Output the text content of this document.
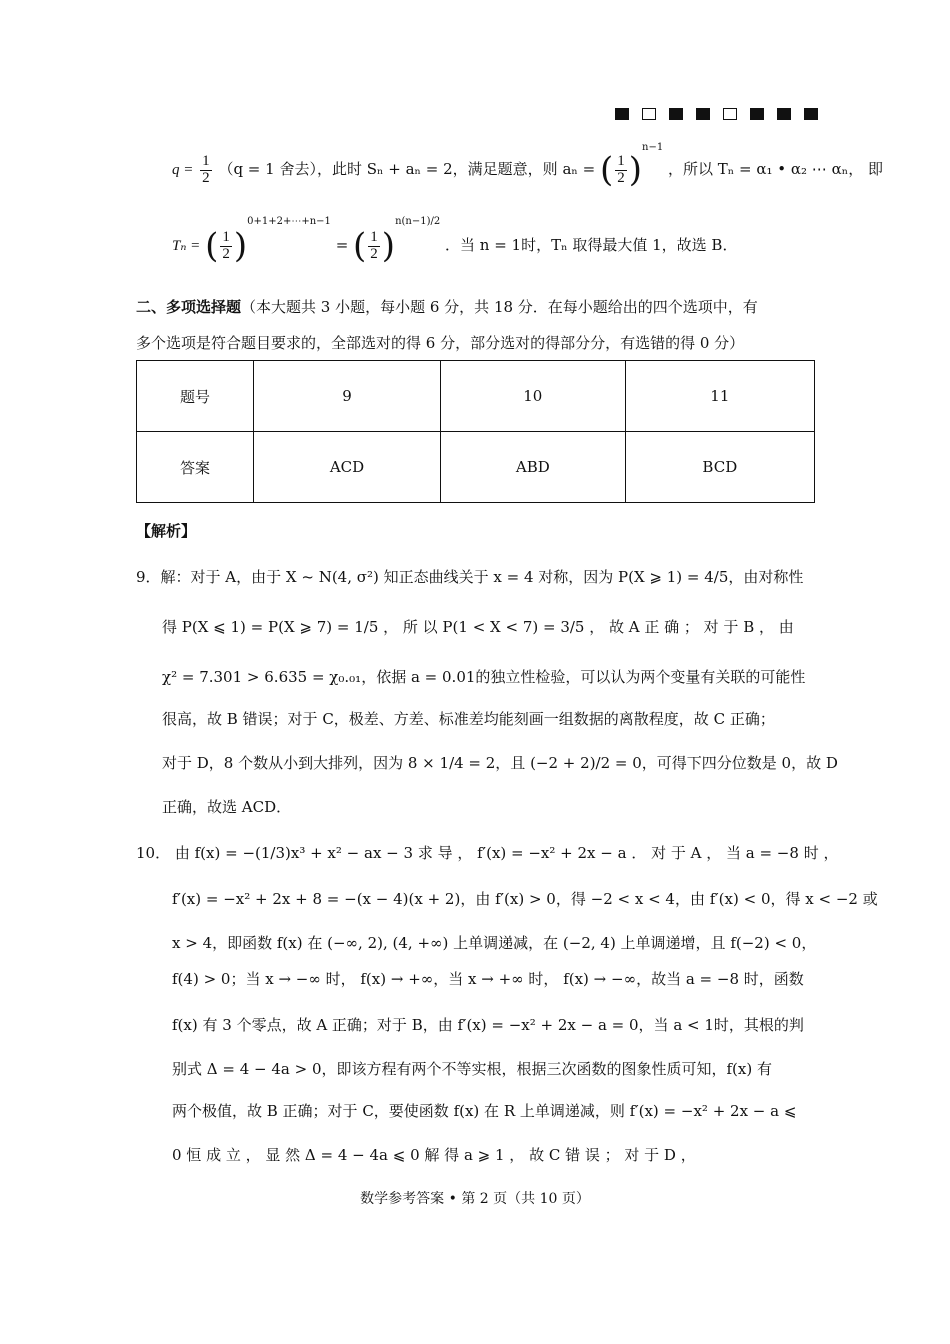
$q = \frac{1}{2} (q = 1$ 舍去），此时 Sₙ + aₙ = 2，满足题意，则 aₙ = ( $\frac{1}{2} )^{n-1}$ ，所以 Tₙ = α₁ • α₂ ⋯ αₙ， 即
Tₙ = ( $\frac{1}{2} )^{0+1+2+\cdots+n-1}$ = ( $\frac{1}{2} )^{n(n-1)/2}$ ．当 n = 1时，Tₙ 取得最大值 1，故选 B．
二、多项选择题（本大题共 3 小题，每小题 6 分，共 18 分．在每小题给出的四个选项中，有
多个选项是符合题目要求的，全部选对的得 6 分，部分选对的得部分分，有选错的得 0 分）
题号	9	10	11
答案	ACD	ABD	BCD
【解析】
9．解：对于 A，由于 X ~ N(4, σ²) 知正态曲线关于 x = 4 对称，因为 P(X ⩾ 1) = 4/5，由对称性
得 P(X ⩽ 1) = P(X ⩾ 7) = 1/5 ， 所 以 P(1 < X < 7) = 3/5 ， 故 A 正 确 ； 对 于 B ， 由
χ² = 7.301 > 6.635 = χ₀.₀₁，依据 a = 0.01的独立性检验，可以认为两个变量有关联的可能性
很高，故 B 错误；对于 C，极差、方差、标准差均能刻画一组数据的离散程度，故 C 正确；
对于 D，8 个数从小到大排列，因为 8 × 1/4 = 2，且 (−2 + 2)/2 = 0，可得下四分位数是 0，故 D
正确，故选 ACD．
10． 由 f(x) = −(1/3)x³ + x² − ax − 3 求 导 ， f′(x) = −x² + 2x − a ． 对 于 A ， 当 a = −8 时 ，
f′(x) = −x² + 2x + 8 = −(x − 4)(x + 2)，由 f′(x) > 0，得 −2 < x < 4，由 f′(x) < 0，得 x < −2 或
x > 4，即函数 f(x) 在 (−∞, 2), (4, +∞) 上单调递减，在 (−2, 4) 上单调递增，且 f(−2) < 0，
f(4) > 0；当 x → −∞ 时， f(x) → +∞，当 x → +∞ 时， f(x) → −∞，故当 a = −8 时，函数
f(x) 有 3 个零点，故 A 正确；对于 B，由 f′(x) = −x² + 2x − a = 0，当 a < 1时，其根的判
别式 Δ = 4 − 4a > 0，即该方程有两个不等实根，根据三次函数的图象性质可知，f(x) 有
两个极值，故 B 正确；对于 C，要使函数 f(x) 在 R 上单调递减，则 f′(x) = −x² + 2x − a ⩽
0 恒 成 立 ， 显 然 Δ = 4 − 4a ⩽ 0 解 得 a ⩾ 1 ， 故 C 错 误 ； 对 于 D ，
数学参考答案 • 第 2 页（共 10 页）
